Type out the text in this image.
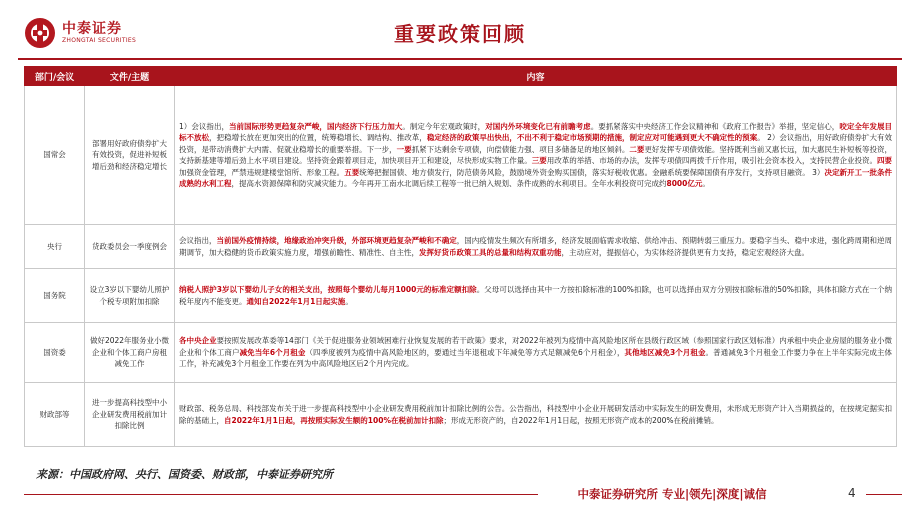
中泰证券
ZHONGTAI SECURITIES	重要政策回顾
部门/会议	文件/主题	内容
国常会	部署用好政府债券扩大有效投资，促进补短板增后劲和经济稳定增长	1）会议指出，当前国际形势更趋复杂严峻，国内经济下行压力加大。制定今年宏观政策时，对国内外环境变化已有前瞻考虑。要抓紧落实中央经济工作会议精神和《政府工作报告》举措，坚定信心，咬定全年发展目标不放松，把稳增长放在更加突出的位置，统筹稳增长、调结构、推改革，稳定经济的政策早出快出，不出不利于稳定市场预期的措施，制定应对可能遇到更大不确定性的预案。 2）会议指出，用好政府债券扩大有效投资，是带动消费扩大内需、促就业稳增长的重要举措。下一步，一要抓紧下达剩余专项债，向偿债能力强、项目多储备足的地区倾斜。二要更好发挥专项债效能。坚持既利当前又惠长远，加大惠民生补短板等投资，支持新基建等增后劲上水平项目建设。坚持资金跟着项目走，加快项目开工和建设，尽快形成实物工作量。三要用改革的举措、市场的办法，发挥专项债四两拨千斤作用，吸引社会资本投入，支持民营企业投资。四要加强资金管理，严禁违规建楼堂馆所、形象工程。五要统筹把握国债、地方债发行，防范债务风险，鼓励境外资金购买国债，落实好税收优惠。金融系统要保障国债有序发行，支持项目融资。 3）决定新开工一批条件成熟的水利工程，提高水资源保障和防灾减灾能力。今年再开工南水北调后续工程等一批已纳入规划、条件成熟的水利项目。全年水利投资可完成约8000亿元。
央行	货政委员会一季度例会	会议指出，当前国外疫情持续，地缘政治冲突升级，外部环境更趋复杂严峻和不确定，国内疫情发生频次有所增多，经济发展面临需求收缩、供给冲击、预期转弱三重压力。要稳字当头、稳中求进，强化跨周期和逆周期调节，加大稳健的货币政策实施力度，增强前瞻性、精准性、自主性，发挥好货币政策工具的总量和结构双重功能，主动应对，提振信心，为实体经济提供更有力支持，稳定宏观经济大盘。
国务院	设立3岁以下婴幼儿照护个税专项附加扣除	纳税人照护3岁以下婴幼儿子女的相关支出，按照每个婴幼儿每月1000元的标准定额扣除。父母可以选择由其中一方按扣除标准的100%扣除，也可以选择由双方分别按扣除标准的50%扣除，具体扣除方式在一个纳税年度内不能变更。通知自2022年1月1日起实施。
国资委	做好2022年服务业小微企业和个体工商户房租减免工作	各中央企业要按照发展改革委等14部门《关于促进服务业领域困难行业恢复发展的若干政策》要求，对2022年被列为疫情中高风险地区所在县级行政区域（参照国家行政区划标准）内承租中央企业房屋的服务业小微企业和个体工商户减免当年6个月租金（四季度被列为疫情中高风险地区的，要通过当年退租或下年减免等方式足额减免6个月租金），其他地区减免3个月租金。普通减免3个月租金工作要力争在上半年实际完成主体工作，补充减免3个月租金工作要在列为中高风险地区后2个月内完成。
财政部等	进一步提高科技型中小企业研发费用税前加计扣除比例	财政部、税务总局、科技部发布关于进一步提高科技型中小企业研发费用税前加计扣除比例的公告。公告指出，科技型中小企业开展研发活动中实际发生的研发费用，未形成无形资产计入当期损益的，在按规定据实扣除的基础上，自2022年1月1日起，再按照实际发生额的100%在税前加计扣除；形成无形资产的，自2022年1月1日起，按照无形资产成本的200%在税前摊销。
来源：中国政府网、央行、国资委、财政部，中泰证券研究所
中泰证券研究所 专业|领先|深度|诚信	4
